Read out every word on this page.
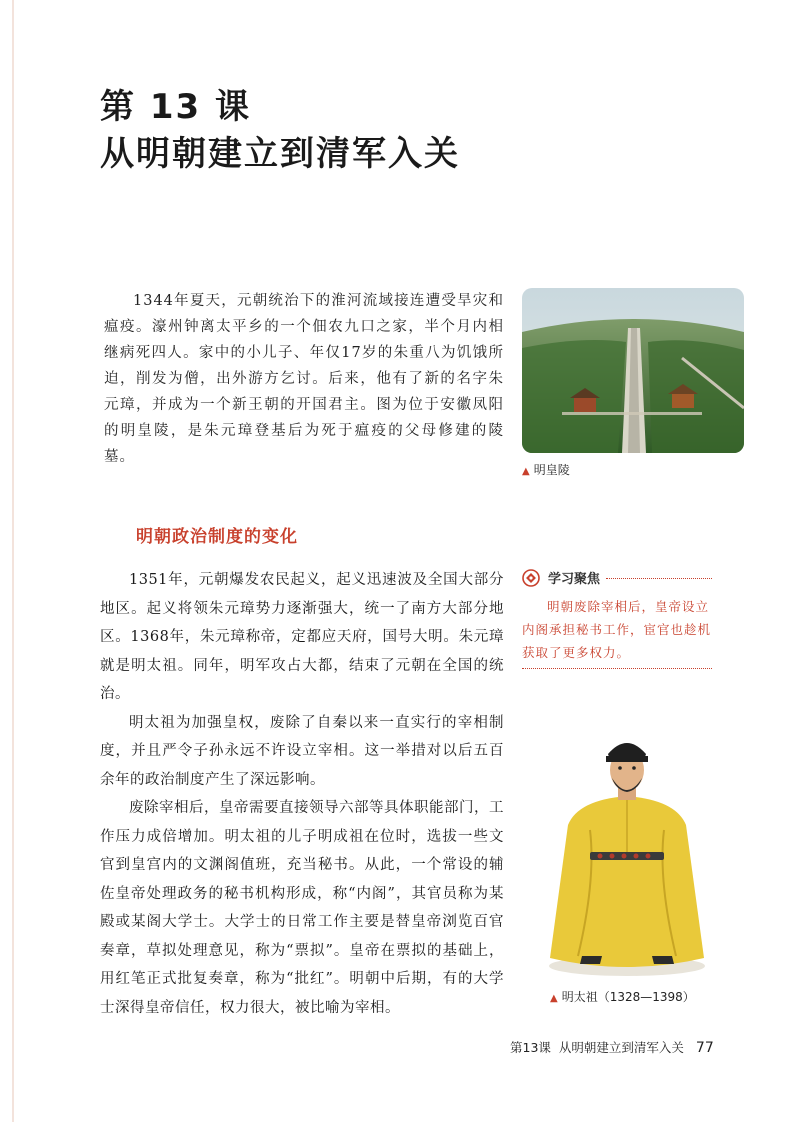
第 13 课
从明朝建立到清军入关

1344年夏天，元朝统治下的淮河流域接连遭受旱灾和瘟疫。濠州钟离太平乡的一个佃农九口之家，半个月内相继病死四人。家中的小儿子、年仅17岁的朱重八为饥饿所迫，削发为僧，出外游方乞讨。后来，他有了新的名字朱元璋，并成为一个新王朝的开国君主。图为位于安徽凤阳的明皇陵，是朱元璋登基后为死于瘟疫的父母修建的陵墓。

▲ 明皇陵
明朝政治制度的变化

1351年，元朝爆发农民起义，起义迅速波及全国大部分地区。起义将领朱元璋势力逐渐强大，统一了南方大部分地区。1368年，朱元璋称帝，定都应天府，国号大明。朱元璋就是明太祖。同年，明军攻占大都，结束了元朝在全国的统治。

明太祖为加强皇权，废除了自秦以来一直实行的宰相制度，并且严令子孙永远不许设立宰相。这一举措对以后五百余年的政治制度产生了深远影响。

废除宰相后，皇帝需要直接领导六部等具体职能部门，工作压力成倍增加。明太祖的儿子明成祖在位时，选拔一些文官到皇宫内的文渊阁值班，充当秘书。从此，一个常设的辅佐皇帝处理政务的秘书机构形成，称“内阁”，其官员称为某殿或某阁大学士。大学士的日常工作主要是替皇帝浏览百官奏章，草拟处理意见，称为“票拟”。皇帝在票拟的基础上，用红笔正式批复奏章，称为“批红”。明朝中后期，有的大学士深得皇帝信任，权力很大，被比喻为宰相。

学习聚焦

明朝废除宰相后，皇帝设立内阁承担秘书工作，宦官也趁机获取了更多权力。

▲ 明太祖（1328—1398）
第13课 从明朝建立到清军入关 77
